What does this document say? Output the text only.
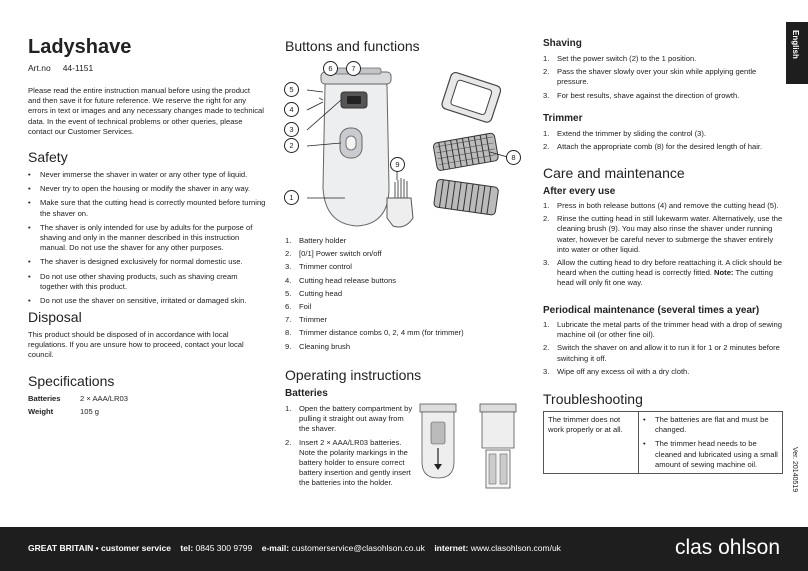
English
Ladyshave
Art.no 44-1151

Please read the entire instruction manual before using the product and then save it for future reference. We reserve the right for any errors in text or images and any necessary changes made to technical data. In the event of technical problems or other queries, please contact our Customer Services.

Safety
• Never immerse the shaver in water or any other type of liquid.
• Never try to open the housing or modify the shaver in any way.
• Make sure that the cutting head is correctly mounted before turning the shaver on.
• The shaver is only intended for use by adults for the purpose of shaving and only in the manner described in this instruction manual. Do not use the shaver for any other purposes.
• The shaver is designed exclusively for normal domestic use.
• Do not use other shaving products, such as shaving cream together with this product.
• Do not use the shaver on sensitive, irritated or damaged skin.
Disposal

This product should be disposed of in accordance with local regulations. If you are unsure how to proceed, contact your local council.

Specifications
Batteries	2 × AAA/LR03
Weight	105 g
Buttons and functions
5
4
3
2
1
6	7
8
9
1. Battery holder
2. [0/1] Power switch on/off
3. Trimmer control
4. Cutting head release buttons
5. Cutting head
6. Foil
7. Trimmer
8. Trimmer distance combs 0, 2, 4 mm (for trimmer)
9. Cleaning brush
Operating instructions
Batteries
1. Open the battery compartment by pulling it straight out away from the shaver.
2. Insert 2 × AAA/LR03 batteries. Note the polarity markings in the battery holder to ensure correct battery insertion and gently insert the batteries into the holder.
Shaving
1. Set the power switch (2) to the 1 position.
2. Pass the shaver slowly over your skin while applying gentle pressure.
3. For best results, shave against the direction of growth.
Trimmer
1. Extend the trimmer by sliding the control (3).
2. Attach the appropriate comb (8) for the desired length of hair.
Care and maintenance
After every use
1. Press in both release buttons (4) and remove the cutting head (5).
2. Rinse the cutting head in still lukewarm water. Alternatively, use the cleaning brush (9). You may also rinse the shaver under running water, however be careful never to submerge the shaver entirely into water or other liquid.
3. Allow the cutting head to dry before reattaching it. A click should be heard when the cutting head is correctly fitted. Note: The cutting head will only fit one way.
Periodical maintenance (several times a year)
1. Lubricate the metal parts of the trimmer head with a drop of sewing machine oil (or other fine oil).
2. Switch the shaver on and allow it to run it for 1 or 2 minutes before switching it off.
3. Wipe off any excess oil with a dry cloth.
Troubleshooting
The trimmer does not work properly or at all.	
• The batteries are flat and must be changed.
• The trimmer head needs to be cleaned and lubricated using a small amount of sewing machine oil.	Ver. 20140519
GREAT BRITAIN • customer service tel: 0845 300 9799 e-mail: customerservice@clasohlson.co.uk internet: www.clasohlson.com/uk	clas ohlson
